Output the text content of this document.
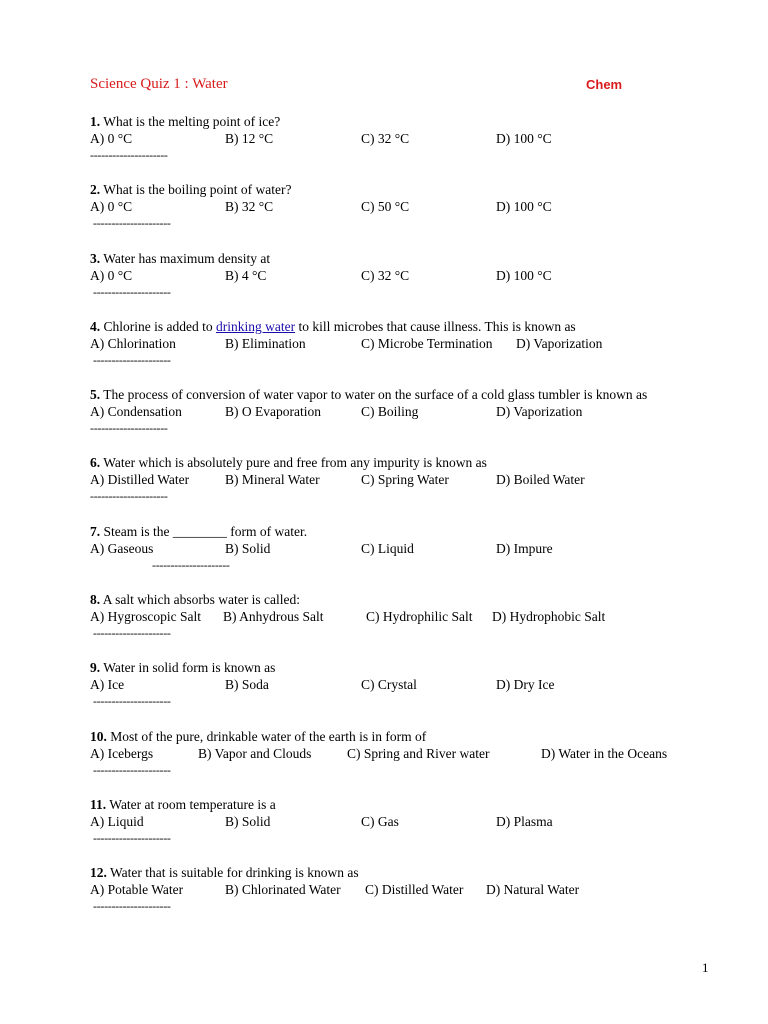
Science Quiz 1 : Water	Chem
1. What is the melting point of ice?
A) 0 °C	B) 12 °C	C) 32 °C	D) 100 °C
---------------------
2. What is the boiling point of water?
A) 0 °C	B) 32 °C	C) 50 °C	D) 100 °C
---------------------
3. Water has maximum density at
A) 0 °C	B) 4 °C	C) 32 °C	D) 100 °C
---------------------
4. Chlorine is added to drinking water to kill microbes that cause illness. This is known as
A) Chlorination	B) Elimination	C) Microbe Termination D) Vaporization
---------------------
5. The process of conversion of water vapor to water on the surface of a cold glass tumbler is known as
A) Condensation	B) O Evaporation	C) Boiling	D) Vaporization
---------------------
6. Water which is absolutely pure and free from any impurity is known as
A) Distilled Water	B) Mineral Water	C) Spring Water	D) Boiled Water
---------------------
7. Steam is the ________ form of water.
A) Gaseous	B) Solid	C) Liquid	D) Impure
---------------------
8. A salt which absorbs water is called:
A) Hygroscopic Salt B) Anhydrous Salt	C) Hydrophilic Salt D) Hydrophobic Salt
---------------------
9. Water in solid form is known as
A) Ice	B) Soda	C) Crystal	D) Dry Ice
---------------------
10. Most of the pure, drinkable water of the earth is in form of
A) Icebergs	B) Vapor and Clouds	C) Spring and River water	D) Water in the Oceans
---------------------
11. Water at room temperature is a
A) Liquid	B) Solid	C) Gas	D) Plasma
---------------------
12. Water that is suitable for drinking is known as
A) Potable Water	B) Chlorinated Water C) Distilled Water D) Natural Water
---------------------
1
